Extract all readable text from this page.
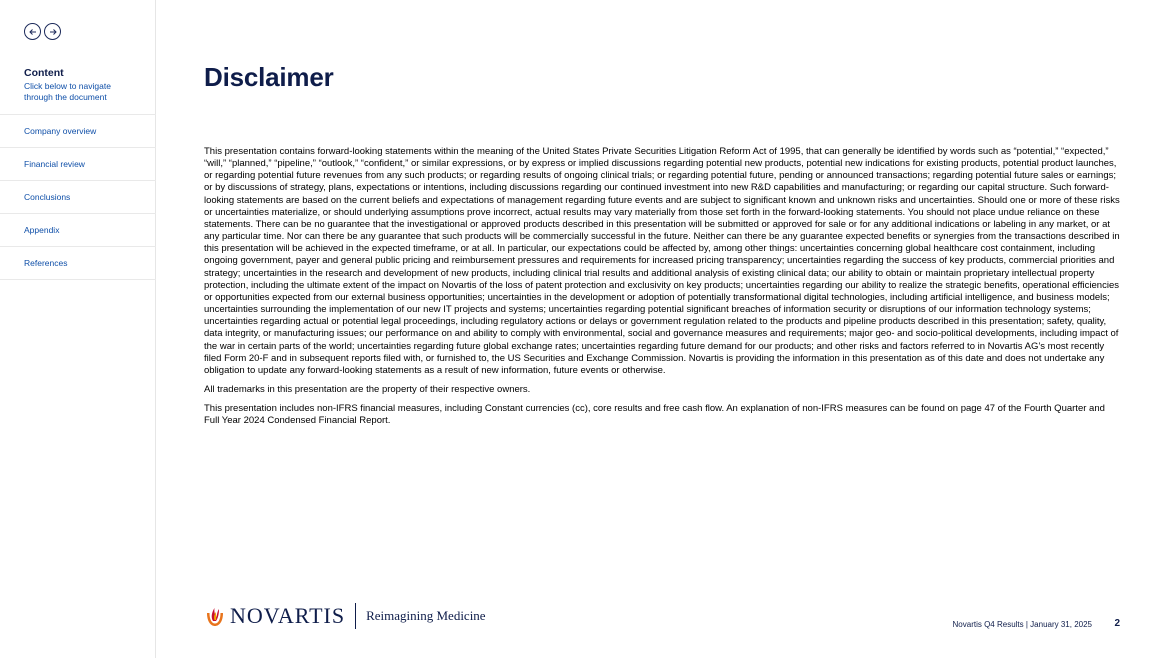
Content
Click below to navigate through the document
Company overview
Financial review
Conclusions
Appendix
References
Disclaimer

This presentation contains forward-looking statements within the meaning of the United States Private Securities Litigation Reform Act of 1995, that can generally be identified by words such as “potential,” “expected,” “will,” “planned,” “pipeline,” “outlook,” “confident,” or similar expressions, or by express or implied discussions regarding potential new products, potential new indications for existing products, potential product launches, or regarding potential future revenues from any such products; or regarding results of ongoing clinical trials; or regarding potential future, pending or announced transactions; regarding potential future sales or earnings; or by discussions of strategy, plans, expectations or intentions, including discussions regarding our continued investment into new R&D capabilities and manufacturing; or regarding our capital structure. Such forward-looking statements are based on the current beliefs and expectations of management regarding future events and are subject to significant known and unknown risks and uncertainties. Should one or more of these risks or uncertainties materialize, or should underlying assumptions prove incorrect, actual results may vary materially from those set forth in the forward-looking statements. You should not place undue reliance on these statements. There can be no guarantee that the investigational or approved products described in this presentation will be submitted or approved for sale or for any additional indications or labeling in any market, or at any particular time. Nor can there be any guarantee that such products will be commercially successful in the future. Neither can there be any guarantee expected benefits or synergies from the transactions described in this presentation will be achieved in the expected timeframe, or at all. In particular, our expectations could be affected by, among other things: uncertainties concerning global healthcare cost containment, including ongoing government, payer and general public pricing and reimbursement pressures and requirements for increased pricing transparency; uncertainties regarding the success of key products, commercial priorities and strategy; uncertainties in the research and development of new products, including clinical trial results and additional analysis of existing clinical data; our ability to obtain or maintain proprietary intellectual property protection, including the ultimate extent of the impact on Novartis of the loss of patent protection and exclusivity on key products; uncertainties regarding our ability to realize the strategic benefits, operational efficiencies or opportunities expected from our external business opportunities; uncertainties in the development or adoption of potentially transformational digital technologies, including artificial intelligence, and business models; uncertainties surrounding the implementation of our new IT projects and systems; uncertainties regarding potential significant breaches of information security or disruptions of our information technology systems; uncertainties regarding actual or potential legal proceedings, including regulatory actions or delays or government regulation related to the products and pipeline products described in this presentation; safety, quality, data integrity, or manufacturing issues; our performance on and ability to comply with environmental, social and governance measures and requirements; major geo- and socio-political developments, including impact of the war in certain parts of the world; uncertainties regarding future global exchange rates; uncertainties regarding future demand for our products; and other risks and factors referred to in Novartis AG’s most recently filed Form 20-F and in subsequent reports filed with, or furnished to, the US Securities and Exchange Commission. Novartis is providing the information in this presentation as of this date and does not undertake any obligation to update any forward-looking statements as a result of new information, future events or otherwise.

All trademarks in this presentation are the property of their respective owners.

This presentation includes non-IFRS financial measures, including Constant currencies (cc), core results and free cash flow. An explanation of non-IFRS measures can be found on page 47 of the Fourth Quarter and Full Year 2024 Condensed Financial Report.

NOVARTIS Reimagining Medicine
Novartis Q4 Results | January 31, 2025 2
